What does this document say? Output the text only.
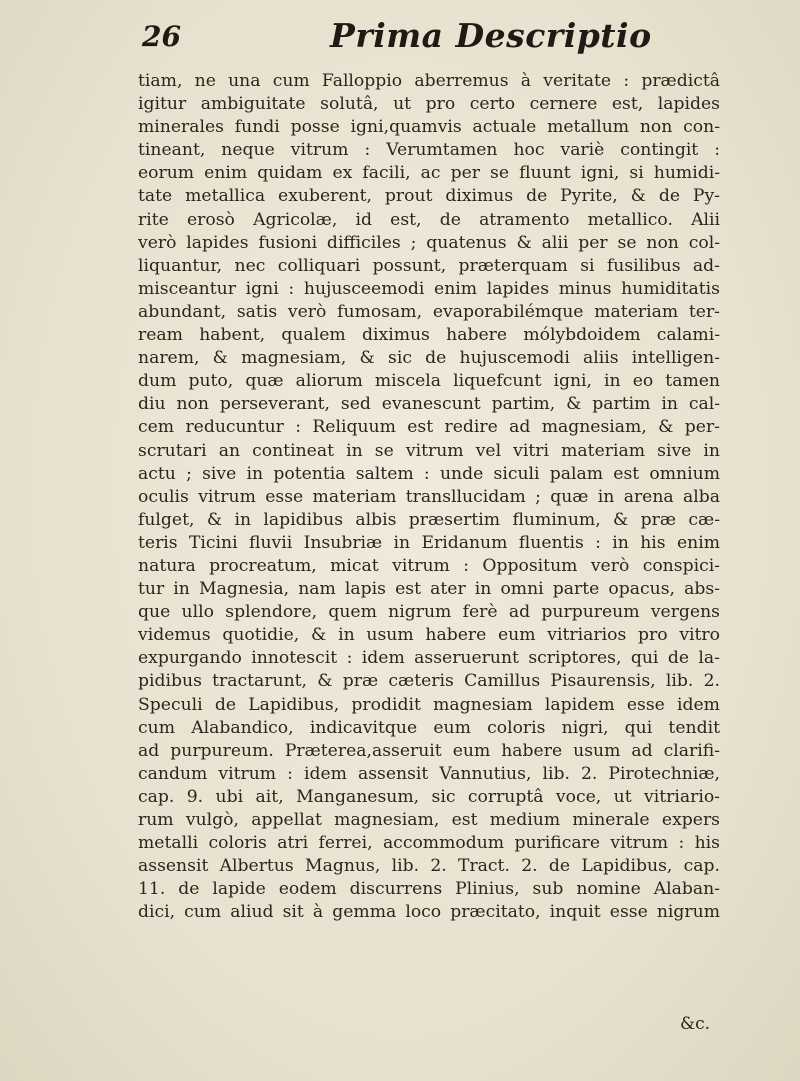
26	Prima Descriptio
tiam, ne una cum Falloppio aberremus à veritate : prædictâ
igitur ambiguitate solutâ, ut pro certo cernere est, lapides
minerales fundi posse igni,quamvis actuale metallum non con-
tineant, neque vitrum : Verumtamen hoc variè contingit :
eorum enim quidam ex facili, ac per se fluunt igni, si humidi-
tate metallica exuberent, prout diximus de Pyrite, & de Py-
rite erosò Agricolæ, id est, de atramento metallico. Alii
verò lapides fusioni difficiles ; quatenus & alii per se non col-
liquantur, nec colliquari possunt, præterquam si fusilibus ad-
misceantur igni : hujusceemodi enim lapides minus humiditatis
abundant, satis verò fumosam, evaporabilémque materiam ter-
ream habent, qualem diximus habere mólybdoidem calami-
narem, & magnesiam, & sic de hujuscemodi aliis intelligen-
dum puto, quæ aliorum miscela liquefcunt igni, in eo tamen
diu non perseverant, sed evanescunt partim, & partim in cal-
cem reducuntur : Reliquum est redire ad magnesiam, & per-
scrutari an contineat in se vitrum vel vitri materiam sive in
actu ; sive in potentia saltem : unde siculi palam est omnium
oculis vitrum esse materiam transllucidam ; quæ in arena alba
fulget, & in lapidibus albis præsertim fluminum, & præ cæ-
teris Ticini fluvii Insubriæ in Eridanum fluentis : in his enim
natura procreatum, micat vitrum : Oppositum verò conspici-
tur in Magnesia, nam lapis est ater in omni parte opacus, abs-
que ullo splendore, quem nigrum ferè ad purpureum vergens
videmus quotidie, & in usum habere eum vitriarios pro vitro
expurgando innotescit : idem asseruerunt scriptores, qui de la-
pidibus tractarunt, & præ cæteris Camillus Pisaurensis, lib. 2.
Speculi de Lapidibus, prodidit magnesiam lapidem esse idem
cum Alabandico, indicavitque eum coloris nigri, qui tendit
ad purpureum. Præterea,asseruit eum habere usum ad clarifi-
candum vitrum : idem assensit Vannutius, lib. 2. Pirotechniæ,
cap. 9. ubi ait, Manganesum, sic corruptâ voce, ut vitriario-
rum vulgò, appellat magnesiam, est medium minerale expers
metalli coloris atri ferrei, accommodum purificare vitrum : his
assensit Albertus Magnus, lib. 2. Tract. 2. de Lapidibus, cap.
11. de lapide eodem discurrens Plinius, sub nomine Alaban-
dici, cum aliud sit à gemma loco præcitato, inquit esse nigrum
&c.
